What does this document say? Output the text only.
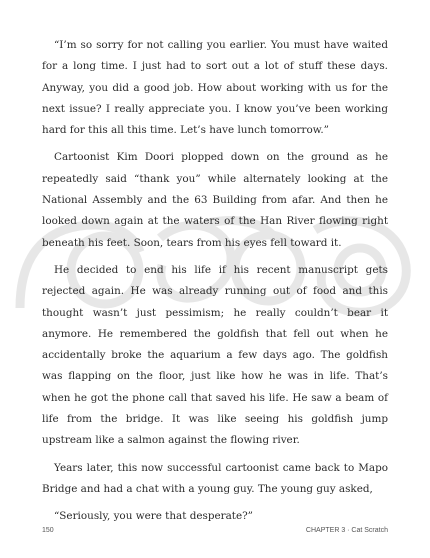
“I’m so sorry for not calling you earlier. You must have waited for a long time. I just had to sort out a lot of stuff these days. Anyway, you did a good job. How about working with us for the next issue? I really appreciate you. I know you’ve been working hard for this all this time. Let’s have lunch tomorrow.”

Cartoonist Kim Doori plopped down on the ground as he repeatedly said “thank you” while alternately looking at the National Assembly and the 63 Building from afar. And then he looked down again at the waters of the Han River flowing right beneath his feet. Soon, tears from his eyes fell toward it.

He decided to end his life if his recent manuscript gets rejected again. He was already running out of food and this thought wasn’t just pessimism; he really couldn’t bear it anymore. He remembered the goldfish that fell out when he accidentally broke the aquarium a few days ago. The goldfish was flapping on the floor, just like how he was in life. That’s when he got the phone call that saved his life. He saw a beam of life from the bridge. It was like seeing his goldfish jump upstream like a salmon against the flowing river.

Years later, this now successful cartoonist came back to Mapo Bridge and had a chat with a young guy. The young guy asked,

“Seriously, you were that desperate?”

150	CHAPTER 3 · Cat Scratch
